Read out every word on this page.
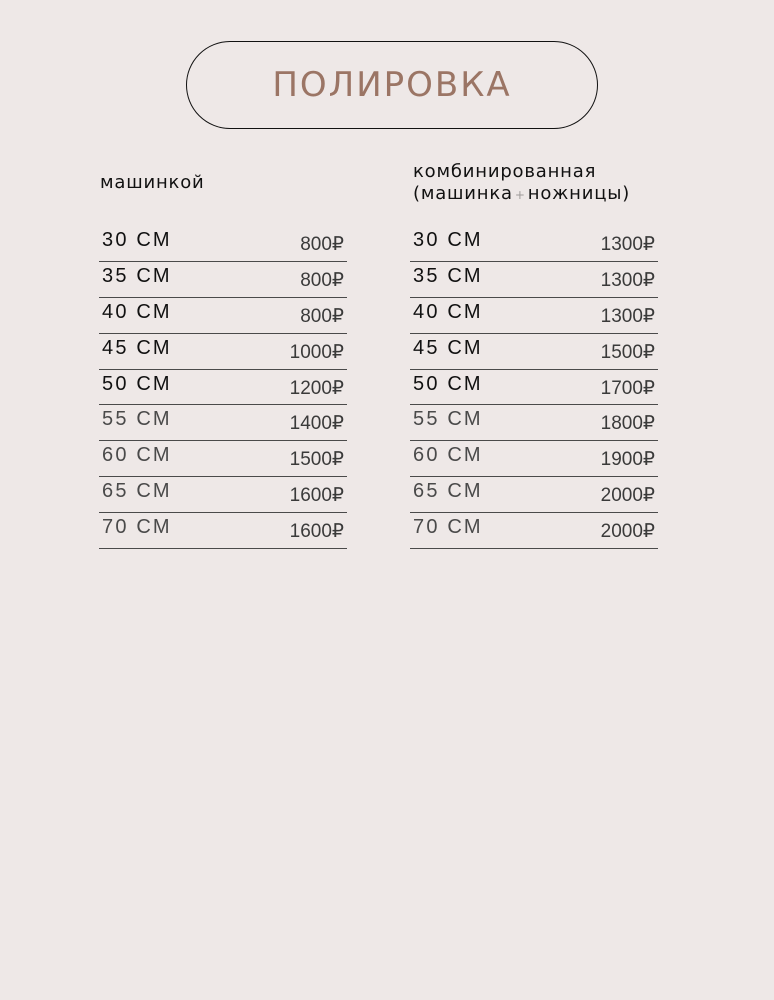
ПОЛИРОВКА
машинкой
комбинированная
(машинка + ножницы)
30 СМ	800₽
35 СМ	800₽
40 СМ	800₽
45 СМ	1000₽
50 СМ	1200₽
55 СМ	1400₽
60 СМ	1500₽
65 СМ	1600₽
70 СМ	1600₽
30 СМ	1300₽
35 СМ	1300₽
40 СМ	1300₽
45 СМ	1500₽
50 СМ	1700₽
55 СМ	1800₽
60 СМ	1900₽
65 СМ	2000₽
70 СМ	2000₽
